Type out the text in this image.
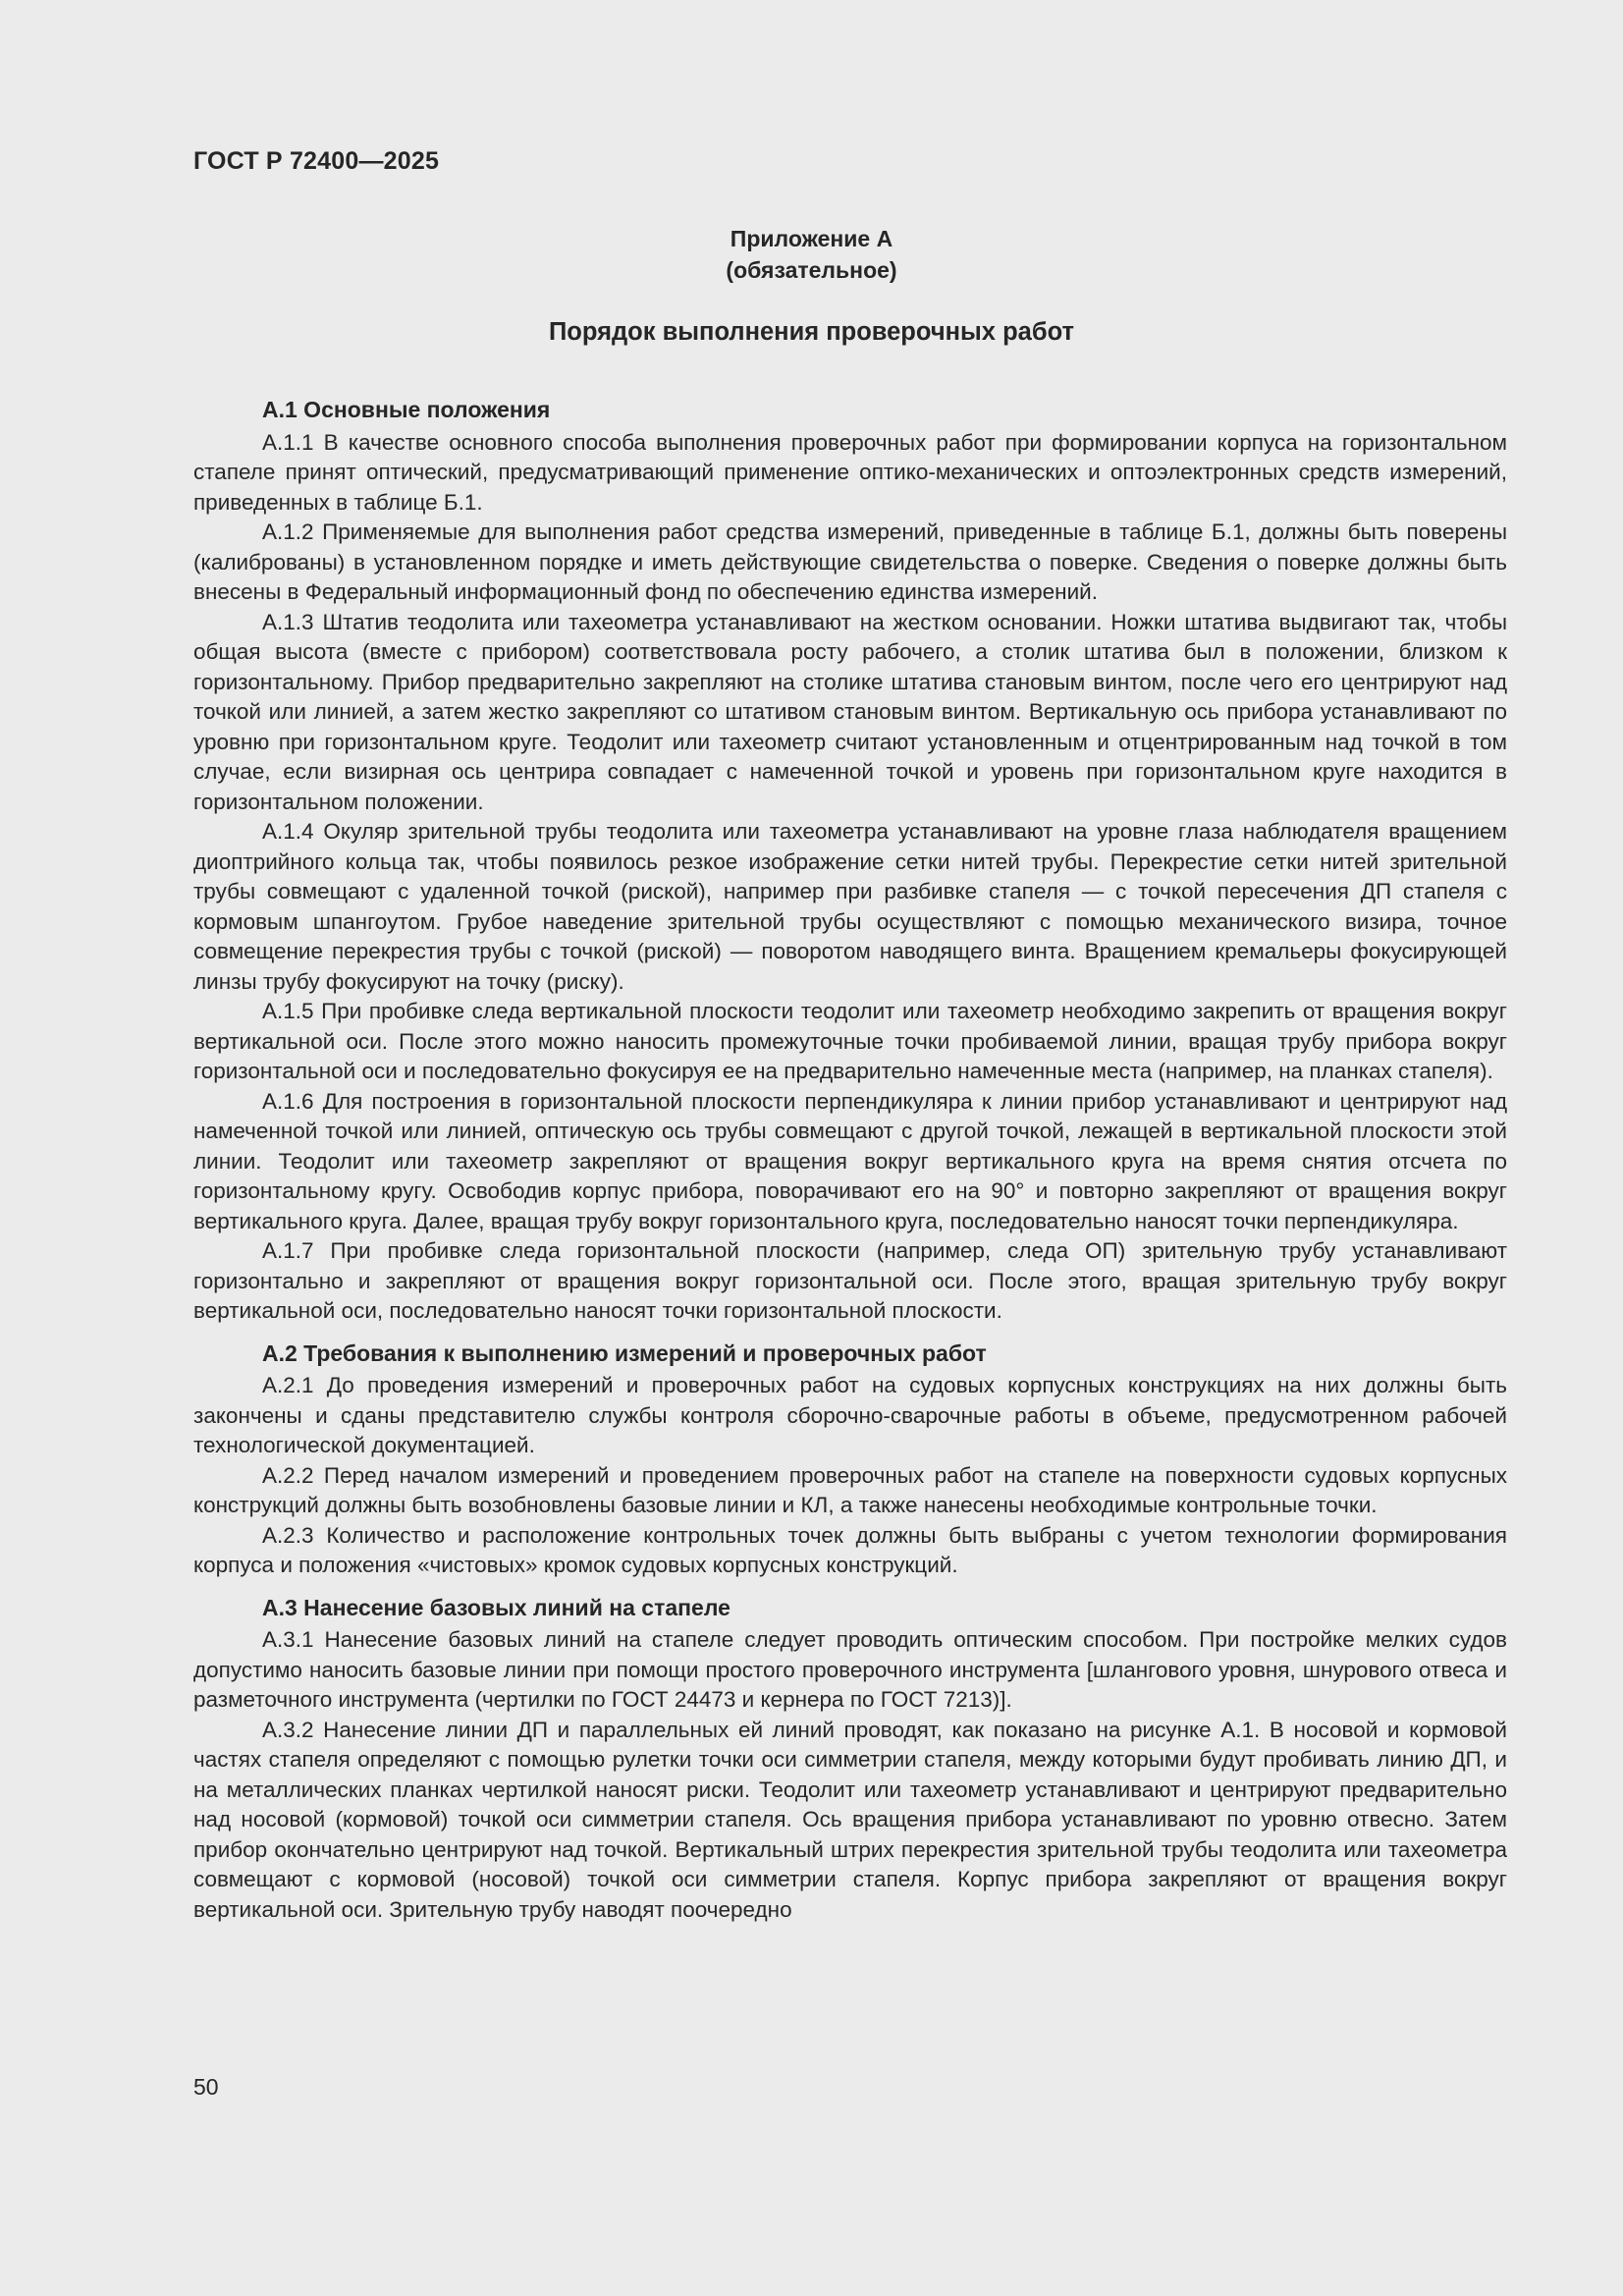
ГОСТ Р 72400—2025
Приложение А
(обязательное)
Порядок выполнения проверочных работ
А.1 Основные положения

А.1.1 В качестве основного способа выполнения проверочных работ при формировании корпуса на горизонтальном стапеле принят оптический, предусматривающий применение оптико-механических и оптоэлектронных средств измерений, приведенных в таблице Б.1.

А.1.2 Применяемые для выполнения работ средства измерений, приведенные в таблице Б.1, должны быть поверены (калиброваны) в установленном порядке и иметь действующие свидетельства о поверке. Сведения о поверке должны быть внесены в Федеральный информационный фонд по обеспечению единства измерений.

А.1.3 Штатив теодолита или тахеометра устанавливают на жестком основании. Ножки штатива выдвигают так, чтобы общая высота (вместе с прибором) соответствовала росту рабочего, а столик штатива был в положении, близком к горизонтальному. Прибор предварительно закрепляют на столике штатива становым винтом, после чего его центрируют над точкой или линией, а затем жестко закрепляют со штативом становым винтом. Вертикальную ось прибора устанавливают по уровню при горизонтальном круге. Теодолит или тахеометр считают установленным и отцентрированным над точкой в том случае, если визирная ось центрира совпадает с намеченной точкой и уровень при горизонтальном круге находится в горизонтальном положении.

А.1.4 Окуляр зрительной трубы теодолита или тахеометра устанавливают на уровне глаза наблюдателя вращением диоптрийного кольца так, чтобы появилось резкое изображение сетки нитей трубы. Перекрестие сетки нитей зрительной трубы совмещают с удаленной точкой (риской), например при разбивке стапеля — с точкой пересечения ДП стапеля с кормовым шпангоутом. Грубое наведение зрительной трубы осуществляют с помощью механического визира, точное совмещение перекрестия трубы с точкой (риской) — поворотом наводящего винта. Вращением кремальеры фокусирующей линзы трубу фокусируют на точку (риску).

А.1.5 При пробивке следа вертикальной плоскости теодолит или тахеометр необходимо закрепить от вращения вокруг вертикальной оси. После этого можно наносить промежуточные точки пробиваемой линии, вращая трубу прибора вокруг горизонтальной оси и последовательно фокусируя ее на предварительно намеченные места (например, на планках стапеля).

А.1.6 Для построения в горизонтальной плоскости перпендикуляра к линии прибор устанавливают и центрируют над намеченной точкой или линией, оптическую ось трубы совмещают с другой точкой, лежащей в вертикальной плоскости этой линии. Теодолит или тахеометр закрепляют от вращения вокруг вертикального круга на время снятия отсчета по горизонтальному кругу. Освободив корпус прибора, поворачивают его на 90° и повторно закрепляют от вращения вокруг вертикального круга. Далее, вращая трубу вокруг горизонтального круга, последовательно наносят точки перпендикуляра.

А.1.7 При пробивке следа горизонтальной плоскости (например, следа ОП) зрительную трубу устанавливают горизонтально и закрепляют от вращения вокруг горизонтальной оси. После этого, вращая зрительную трубу вокруг вертикальной оси, последовательно наносят точки горизонтальной плоскости.

А.2 Требования к выполнению измерений и проверочных работ

А.2.1 До проведения измерений и проверочных работ на судовых корпусных конструкциях на них должны быть закончены и сданы представителю службы контроля сборочно-сварочные работы в объеме, предусмотренном рабочей технологической документацией.

А.2.2 Перед началом измерений и проведением проверочных работ на стапеле на поверхности судовых корпусных конструкций должны быть возобновлены базовые линии и КЛ, а также нанесены необходимые контрольные точки.

А.2.3 Количество и расположение контрольных точек должны быть выбраны с учетом технологии формирования корпуса и положения «чистовых» кромок судовых корпусных конструкций.

А.3 Нанесение базовых линий на стапеле

А.3.1 Нанесение базовых линий на стапеле следует проводить оптическим способом. При постройке мелких судов допустимо наносить базовые линии при помощи простого проверочного инструмента [шлангового уровня, шнурового отвеса и разметочного инструмента (чертилки по ГОСТ 24473 и кернера по ГОСТ 7213)].

А.3.2 Нанесение линии ДП и параллельных ей линий проводят, как показано на рисунке А.1. В носовой и кормовой частях стапеля определяют с помощью рулетки точки оси симметрии стапеля, между которыми будут пробивать линию ДП, и на металлических планках чертилкой наносят риски. Теодолит или тахеометр устанавливают и центрируют предварительно над носовой (кормовой) точкой оси симметрии стапеля. Ось вращения прибора устанавливают по уровню отвесно. Затем прибор окончательно центрируют над точкой. Вертикальный штрих перекрестия зрительной трубы теодолита или тахеометра совмещают с кормовой (носовой) точкой оси симметрии стапеля. Корпус прибора закрепляют от вращения вокруг вертикальной оси. Зрительную трубу наводят поочередно

50
